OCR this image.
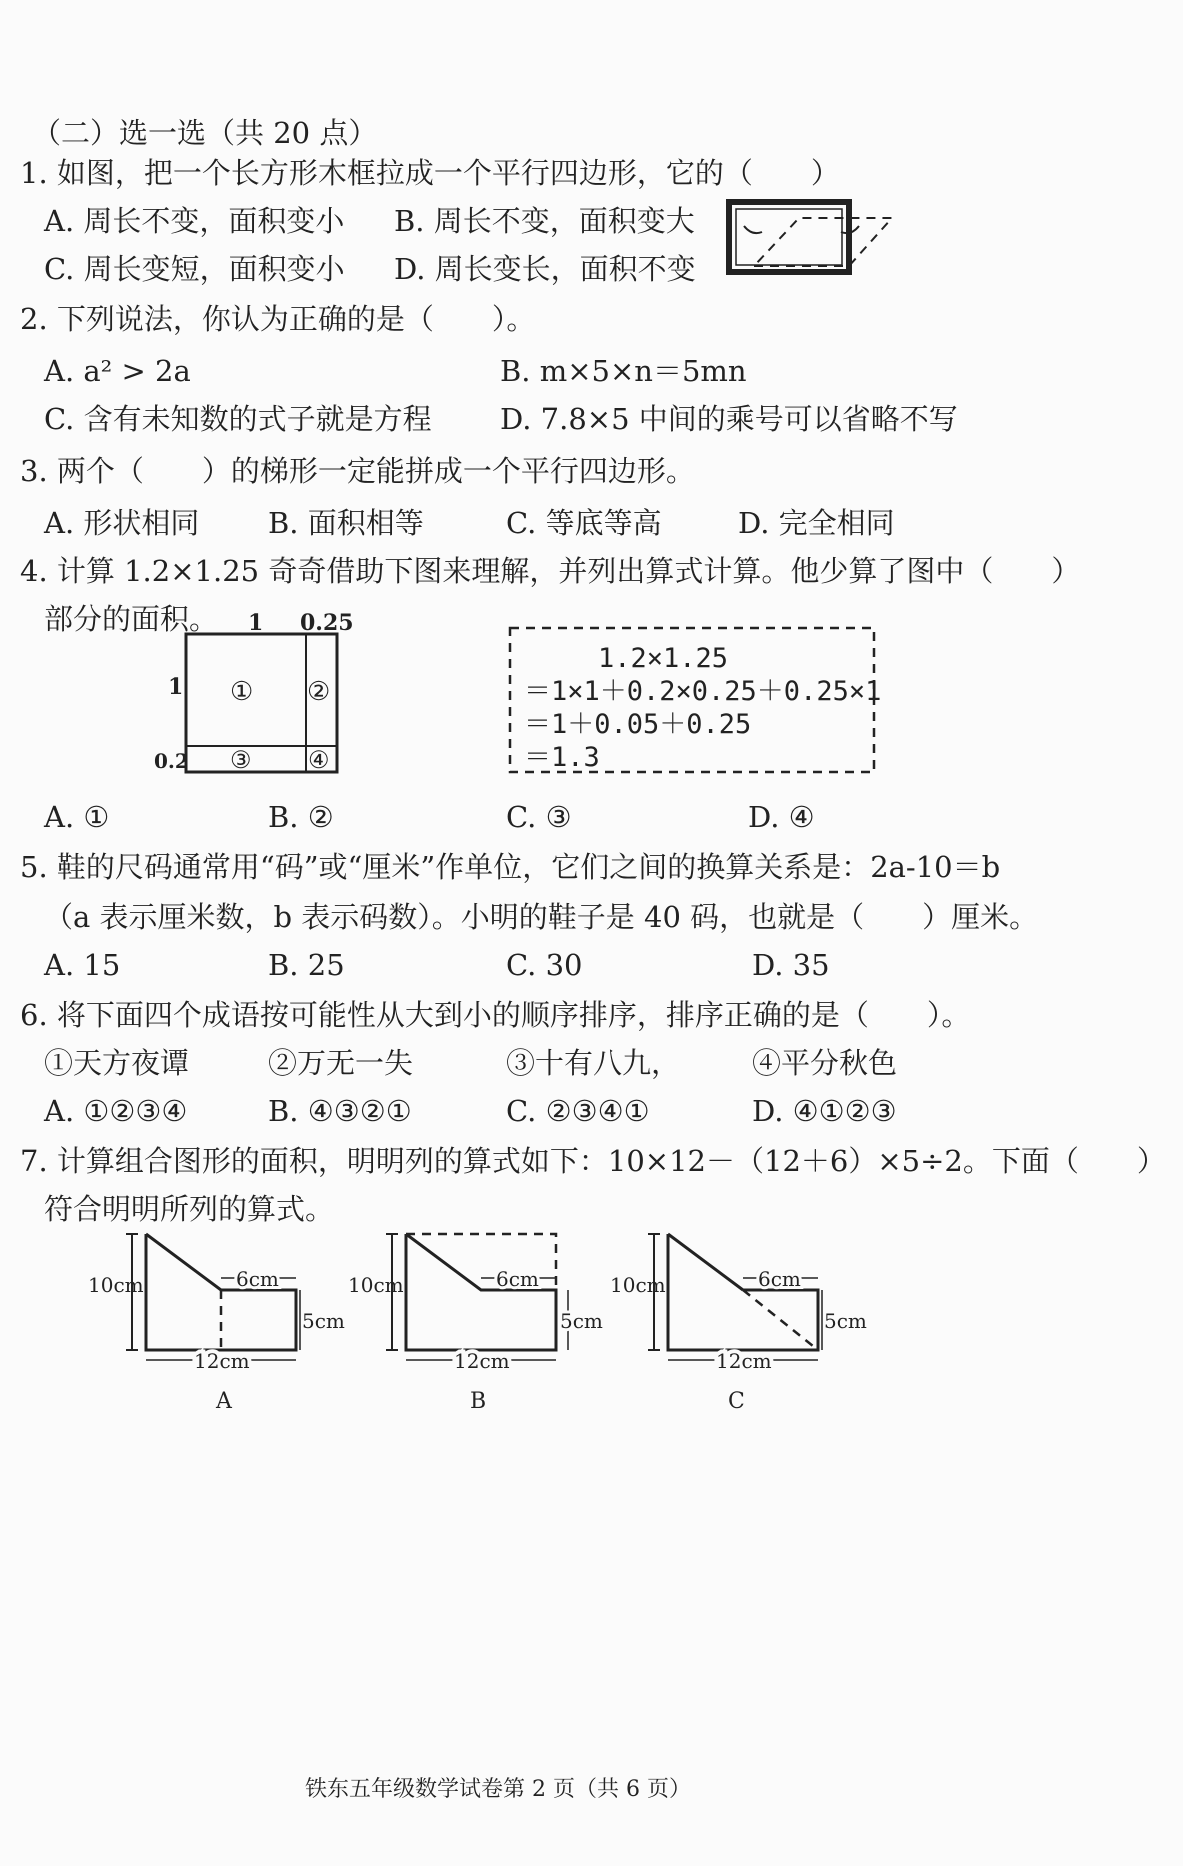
（二）选一选（共 20 点）
1. 如图，把一个长方形木框拉成一个平行四边形，它的（　　）
A. 周长不变，面积变小 B. 周长不变，面积变大
C. 周长变短，面积变小 D. 周长变长，面积不变
2. 下列说法，你认为正确的是（　　）。
A. a² > 2a	B. m×5×n＝5mn
C. 含有未知数的式子就是方程 D. 7.8×5 中间的乘号可以省略不写
3. 两个（　　）的梯形一定能拼成一个平行四边形。
A. 形状相同 B. 面积相等	C. 等底等高	D. 完全相同
4. 计算 1.2×1.25 奇奇借助下图来理解，并列出算式计算。他少算了图中（　　）
部分的面积。 1 0.25
1
0.2
① ②
③ ④
1.2×1.25
＝1×1＋0.2×0.25＋0.25×1
＝1＋0.05＋0.25
＝1.3
A. ①	B. ②	C. ③	D. ④
5. 鞋的尺码通常用“码”或“厘米”作单位，它们之间的换算关系是：2a-10＝b
（a 表示厘米数，b 表示码数）。小明的鞋子是 40 码，也就是（　　）厘米。
A. 15	B. 25	C. 30	D. 35
6. 将下面四个成语按可能性从大到小的顺序排序，排序正确的是（　　）。
①天方夜谭	②万无一失	③十有八九， ④平分秋色
A. ①②③④	B. ④③②①	C. ②③④①	D. ④①②③
7. 计算组合图形的面积，明明列的算式如下：10×12－（12＋6）×5÷2。下面（　　）
符合明明所列的算式。
10cm	6cm
5cm
12cm
A
10cm	6cm
5cm
12cm
B
10cm	6cm
5cm
12cm
C
铁东五年级数学试卷第 2 页（共 6 页）
